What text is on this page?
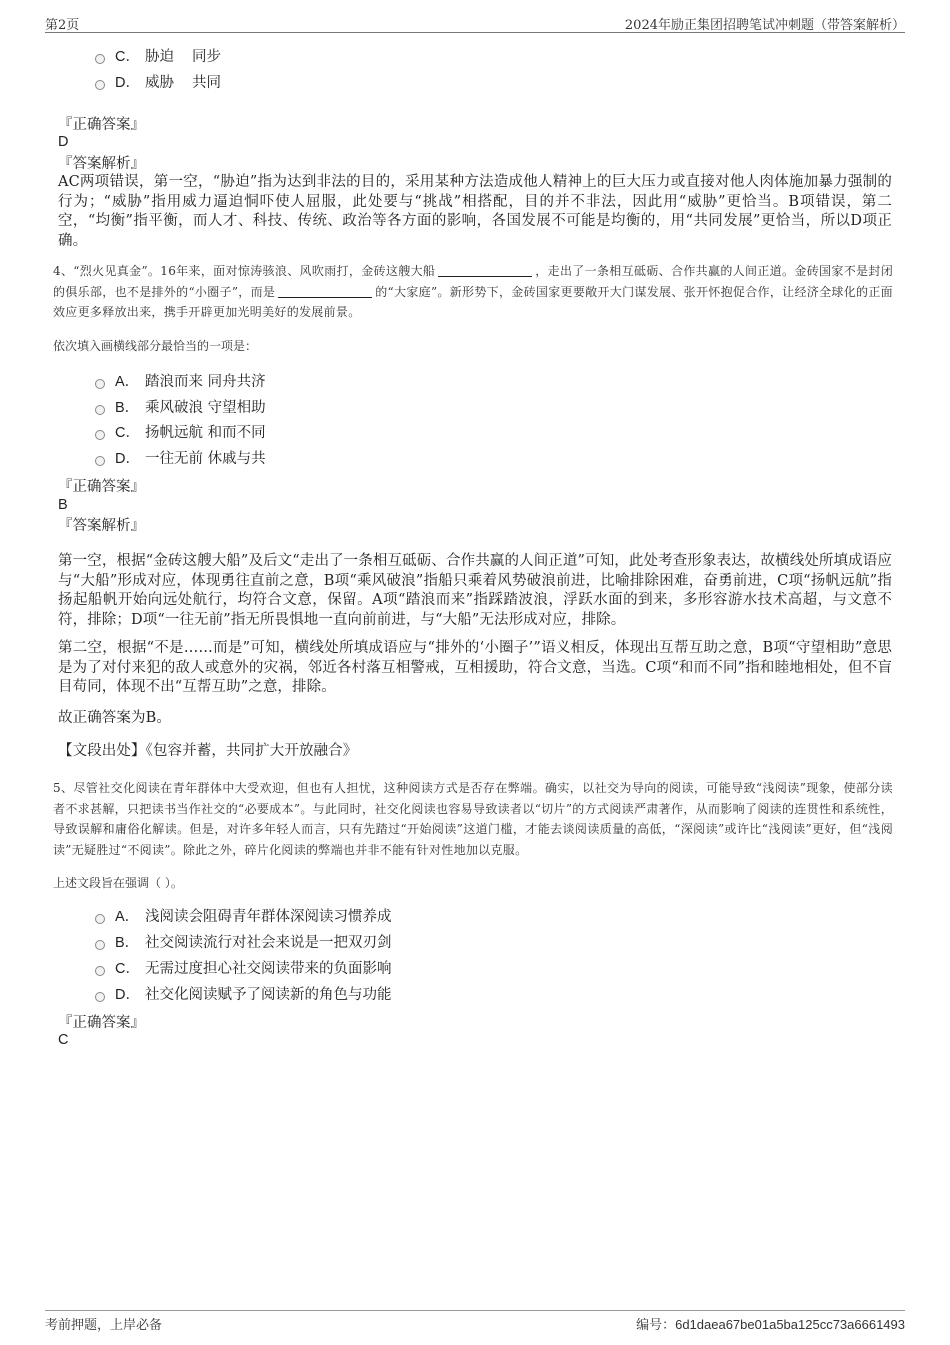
第2页	2024年励正集团招聘笔试冲刺题（带答案解析）
C． 胁迫 同步
D． 威胁 共同
『正确答案』
D
『答案解析』
AC两项错误，第一空，“胁迫”指为达到非法的目的，采用某种方法造成他人精神上的巨大压力或直接对他人肉体施加暴力强制的行为；“威胁”指用威力逼迫恫吓使人屈服，此处要与“挑战”相搭配，目的并不非法，因此用“威胁”更恰当。B项错误，第二空，“均衡”指平衡，而人才、科技、传统、政治等各方面的影响，各国发展不可能是均衡的，用“共同发展”更恰当，所以D项正确。
4、“烈火见真金”。16年来，面对惊涛骇浪、风吹雨打，金砖这艘大船	，走出了一条相互砥砺、合作共赢的人间正道。金砖国家不是封闭的俱乐部，也不是排外的“小圈子”，而是	的“大家庭”。新形势下，金砖国家更要敞开大门谋发展、张开怀抱促合作，让经济全球化的正面效应更多释放出来，携手开辟更加光明美好的发展前景。
依次填入画横线部分最恰当的一项是：
A． 踏浪而来 同舟共济
B． 乘风破浪 守望相助
C． 扬帆远航 和而不同
D． 一往无前 休戚与共
『正确答案』
B
『答案解析』
第一空，根据“金砖这艘大船”及后文“走出了一条相互砥砺、合作共赢的人间正道”可知，此处考查形象表达，故横线处所填成语应与“大船”形成对应，体现勇往直前之意，B项“乘风破浪”指船只乘着风势破浪前进，比喻排除困难，奋勇前进，C项“扬帆远航”指扬起船帆开始向远处航行，均符合文意，保留。A项“踏浪而来”指踩踏波浪，浮跃水面的到来，多形容游水技术高超，与文意不符，排除；D项“一往无前”指无所畏惧地一直向前前进，与“大船”无法形成对应，排除。
第二空，根据“不是……而是”可知，横线处所填成语应与“排外的‘小圈子’”语义相反，体现出互帮互助之意，B项“守望相助”意思是为了对付来犯的敌人或意外的灾祸，邻近各村落互相警戒，互相援助，符合文意，当选。C项“和而不同”指和睦地相处，但不盲目苟同，体现不出“互帮互助”之意，排除。
故正确答案为B。
【文段出处】《包容并蓄，共同扩大开放融合》
5、尽管社交化阅读在青年群体中大受欢迎，但也有人担忧，这种阅读方式是否存在弊端。确实，以社交为导向的阅读，可能导致“浅阅读”现象，使部分读者不求甚解，只把读书当作社交的“必要成本”。与此同时，社交化阅读也容易导致读者以“切片”的方式阅读严肃著作，从而影响了阅读的连贯性和系统性，导致误解和庸俗化解读。但是，对许多年轻人而言，只有先踏过“开始阅读”这道门槛，才能去谈阅读质量的高低，“深阅读”或许比“浅阅读”更好，但“浅阅读”无疑胜过“不阅读”。除此之外，碎片化阅读的弊端也并非不能有针对性地加以克服。
上述文段旨在强调（ ）。
A． 浅阅读会阻碍青年群体深阅读习惯养成
B． 社交阅读流行对社会来说是一把双刃剑
C． 无需过度担心社交阅读带来的负面影响
D． 社交化阅读赋予了阅读新的角色与功能
『正确答案』
C
考前押题，上岸必备	编号：6d1daea67be01a5ba125cc73a6661493
